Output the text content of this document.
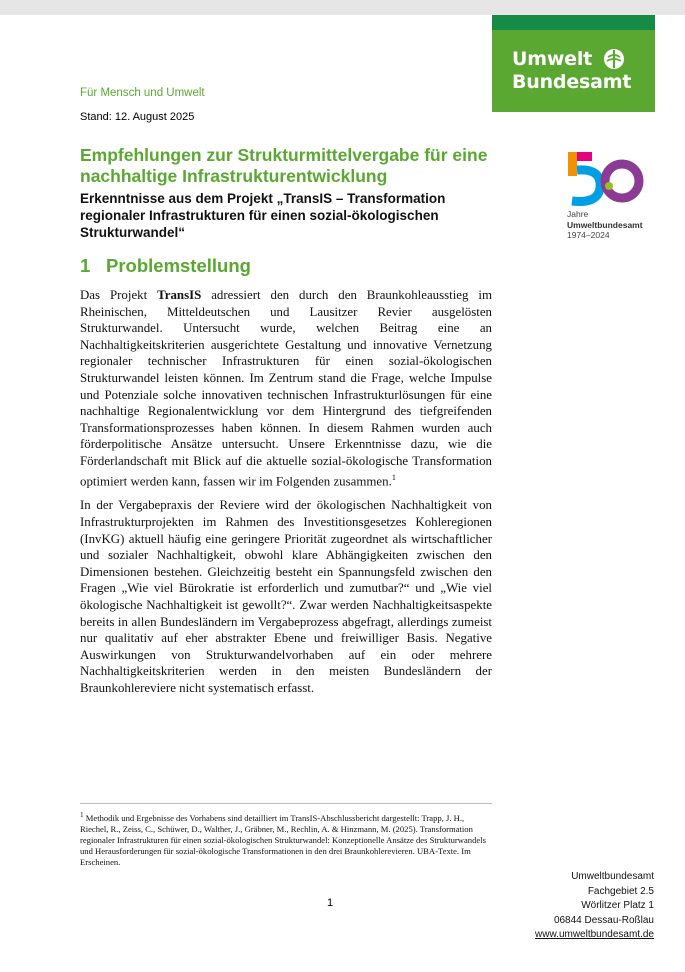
Umwelt
Bundesamt
Für Mensch und Umwelt
Stand: 12. August 2025
Empfehlungen zur Strukturmittelvergabe für eine nachhaltige Infrastrukturentwicklung
Erkenntnisse aus dem Projekt „TransIS – Transformation regionaler Infrastrukturen für einen sozial-ökologischen Strukturwandel“
Jahre
Umweltbundesamt
1974–2024
1 Problemstellung

Das Projekt TransIS adressiert den durch den Braunkohleausstieg im Rheinischen, Mitteldeutschen und Lausitzer Revier ausgelösten Strukturwandel. Untersucht wurde, welchen Beitrag eine an Nachhaltigkeitskriterien ausgerichtete Gestaltung und innovative Vernetzung regionaler technischer Infrastrukturen für einen sozial-ökologischen Strukturwandel leisten können. Im Zentrum stand die Frage, welche Impulse und Potenziale solche innovativen technischen Infrastrukturlösungen für eine nachhaltige Regionalentwicklung vor dem Hintergrund des tiefgreifenden Transformationsprozesses haben können. In diesem Rahmen wurden auch förderpolitische Ansätze untersucht. Unsere Erkenntnisse dazu, wie die Förderlandschaft mit Blick auf die aktuelle sozial-ökologische Transformation optimiert werden kann, fassen wir im Folgenden zusammen.$^1$

In der Vergabepraxis der Reviere wird der ökologischen Nachhaltigkeit von Infrastrukturprojekten im Rahmen des Investitionsgesetzes Kohleregionen (InvKG) aktuell häufig eine geringere Priorität zugeordnet als wirtschaftlicher und sozialer Nachhaltigkeit, obwohl klare Abhängigkeiten zwischen den Dimensionen bestehen. Gleichzeitig besteht ein Spannungsfeld zwischen den Fragen „Wie viel Bürokratie ist erforderlich und zumutbar?“ und „Wie viel ökologische Nachhaltigkeit ist gewollt?“. Zwar werden Nachhaltigkeitsaspekte bereits in allen Bundesländern im Vergabeprozess abgefragt, allerdings zumeist nur qualitativ auf eher abstrakter Ebene und freiwilliger Basis. Negative Auswirkungen von Strukturwandelvorhaben auf ein oder mehrere Nachhaltigkeitskriterien werden in den meisten Bundesländern der Braunkohlereviere nicht systematisch erfasst.

$^1$ Methodik und Ergebnisse des Vorhabens sind detailliert im TransIS-Abschlussbericht dargestellt: Trapp, J. H., Riechel, R., Zeiss, C., Schüwer, D., Walther, J., Gräbner, M., Rechlin, A. & Hinzmann, M. (2025). Transformation regionaler Infrastrukturen für einen sozial-ökologischen Strukturwandel: Konzeptionelle Ansätze des Strukturwandels und Herausforderungen für sozial-ökologische Transformationen in den drei Braunkohlerevieren. UBA-Texte. Im Erscheinen.
1
Umweltbundesamt
Fachgebiet 2.5
Wörlitzer Platz 1
06844 Dessau-Roßlau
www.umweltbundesamt.de
